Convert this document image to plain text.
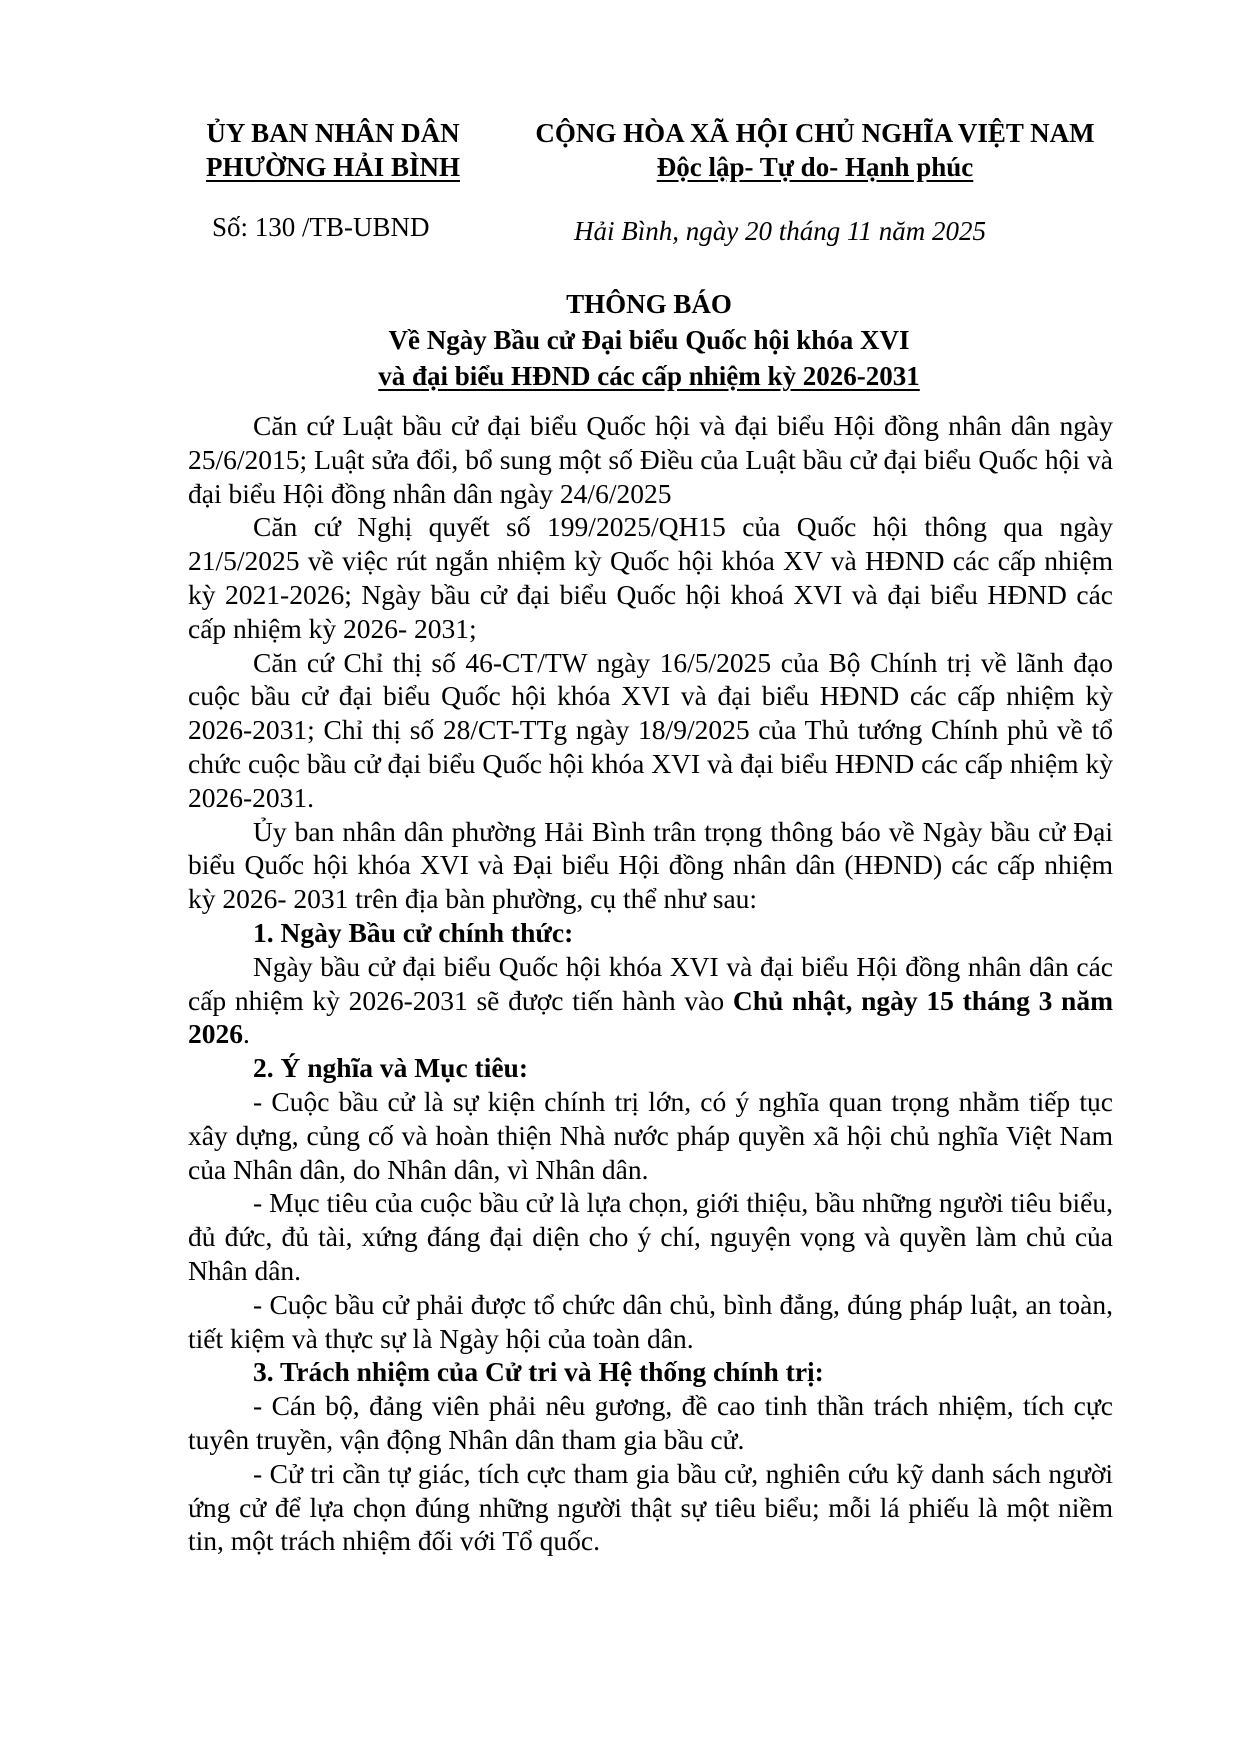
ỦY BAN NHÂN DÂN
PHƯỜNG HẢI BÌNH
CỘNG HÒA XÃ HỘI CHỦ NGHĨA VIỆT NAM
Độc lập- Tự do- Hạnh phúc
Số: 130 /TB-UBND	Hải Bình, ngày 20 tháng 11 năm 2025
THÔNG BÁO
Về Ngày Bầu cử Đại biểu Quốc hội khóa XVI
và đại biểu HĐND các cấp nhiệm kỳ 2026-2031

Căn cứ Luật bầu cử đại biểu Quốc hội và đại biểu Hội đồng nhân dân ngày 25/6/2015; Luật sửa đổi, bổ sung một số Điều của Luật bầu cử đại biểu Quốc hội và đại biểu Hội đồng nhân dân ngày 24/6/2025

Căn cứ Nghị quyết số 199/2025/QH15 của Quốc hội thông qua ngày 21/5/2025 về việc rút ngắn nhiệm kỳ Quốc hội khóa XV và HĐND các cấp nhiệm kỳ 2021-2026; Ngày bầu cử đại biểu Quốc hội khoá XVI và đại biểu HĐND các cấp nhiệm kỳ 2026- 2031;

Căn cứ Chỉ thị số 46-CT/TW ngày 16/5/2025 của Bộ Chính trị về lãnh đạo cuộc bầu cử đại biểu Quốc hội khóa XVI và đại biểu HĐND các cấp nhiệm kỳ 2026-2031; Chỉ thị số 28/CT-TTg ngày 18/9/2025 của Thủ tướng Chính phủ về tổ chức cuộc bầu cử đại biểu Quốc hội khóa XVI và đại biểu HĐND các cấp nhiệm kỳ 2026-2031.

Ủy ban nhân dân phường Hải Bình trân trọng thông báo về Ngày bầu cử Đại biểu Quốc hội khóa XVI và Đại biểu Hội đồng nhân dân (HĐND) các cấp nhiệm kỳ 2026- 2031 trên địa bàn phường, cụ thể như sau:

1. Ngày Bầu cử chính thức:

Ngày bầu cử đại biểu Quốc hội khóa XVI và đại biểu Hội đồng nhân dân các cấp nhiệm kỳ 2026-2031 sẽ được tiến hành vào Chủ nhật, ngày 15 tháng 3 năm 2026.

2. Ý nghĩa và Mục tiêu:

- Cuộc bầu cử là sự kiện chính trị lớn, có ý nghĩa quan trọng nhằm tiếp tục xây dựng, củng cố và hoàn thiện Nhà nước pháp quyền xã hội chủ nghĩa Việt Nam của Nhân dân, do Nhân dân, vì Nhân dân.

- Mục tiêu của cuộc bầu cử là lựa chọn, giới thiệu, bầu những người tiêu biểu, đủ đức, đủ tài, xứng đáng đại diện cho ý chí, nguyện vọng và quyền làm chủ của Nhân dân.

- Cuộc bầu cử phải được tổ chức dân chủ, bình đẳng, đúng pháp luật, an toàn, tiết kiệm và thực sự là Ngày hội của toàn dân.

3. Trách nhiệm của Cử tri và Hệ thống chính trị:

- Cán bộ, đảng viên phải nêu gương, đề cao tinh thần trách nhiệm, tích cực tuyên truyền, vận động Nhân dân tham gia bầu cử.

- Cử tri cần tự giác, tích cực tham gia bầu cử, nghiên cứu kỹ danh sách người ứng cử để lựa chọn đúng những người thật sự tiêu biểu; mỗi lá phiếu là một niềm tin, một trách nhiệm đối với Tổ quốc.
